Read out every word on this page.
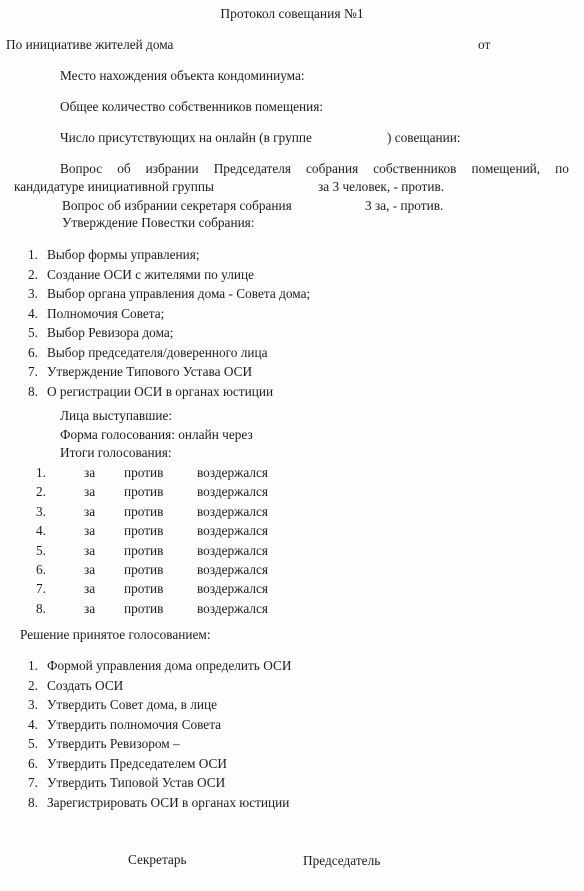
Протокол совещания №1
По инициативе жителей дома	от
Место нахождения объекта кондоминиума:
Общее количество собственников помещения:
Число присутствующих на онлайн (в группе	) совещании:
Вопрос об избрании Председателя собрания собственников помещений, по
кандидатуре инициативной группы	за 3 человек, - против.
Вопрос об избрании секретаря собрания	3 за, - против.
Утверждение Повестки собрания:
1. Выбор формы управления;
2. Создание ОСИ с жителями по улице
3. Выбор органа управления дома - Совета дома;
4. Полномочия Совета;
5. Выбор Ревизора дома;
6. Выбор председателя/доверенного лица
7. Утверждение Типового Устава ОСИ
8. О регистрации ОСИ в органах юстиции
Лица выступавшие:
Форма голосования: онлайн через
Итоги голосования:
1.	за	против	воздержался
2.	за	против	воздержался
3.	за	против	воздержался
4.	за	против	воздержался
5.	за	против	воздержался
6.	за	против	воздержался
7.	за	против	воздержался
8.	за	против	воздержался
Решение принятое голосованием:
1. Формой управления дома определить ОСИ
2. Создать ОСИ
3. Утвердить Совет дома, в лице
4. Утвердить полномочия Совета
5. Утвердить Ревизором –
6. Утвердить Председателем ОСИ
7. Утвердить Типовой Устав ОСИ
8. Зарегистрировать ОСИ в органах юстиции
Секретарь	Председатель
